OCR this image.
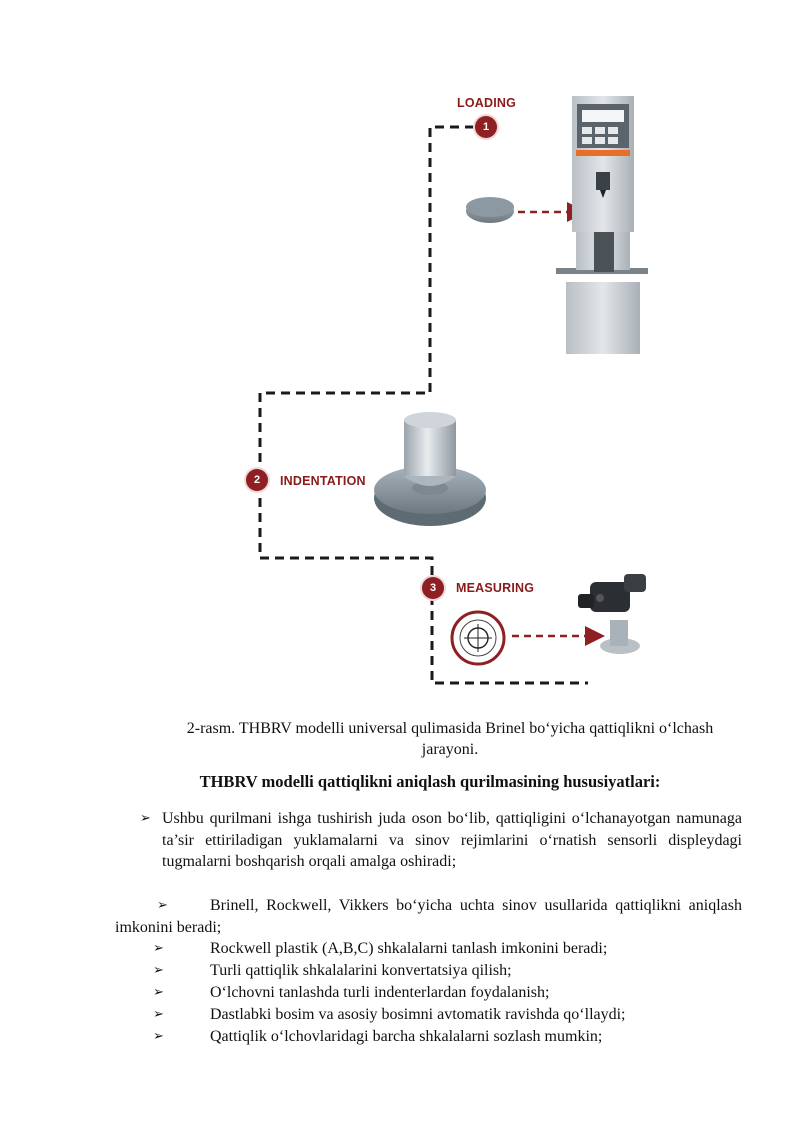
1
LOADING
2	INDENTATION
3	MEASURING
2-rasm. THBRV modelli universal qulimasida Brinel bo‘yicha qattiqlikni o‘lchash jarayoni.
THBRV modelli qattiqlikni aniqlash qurilmasining hususiyatlari:
➢ Ushbu qurilmani ishga tushirish juda oson bo‘lib, qattiqligini o‘lchanayotgan namunaga ta’sir ettiriladigan yuklamalarni va sinov rejimlarini o‘rnatish sensorli displeydagi tugmalarni boshqarish orqali amalga oshiradi;
➢	Brinell, Rockwell, Vikkers bo‘yicha uchta sinov usullarida qattiqlikni aniqlash imkonini beradi;
➢	Rockwell plastik (A,B,C) shkalalarni tanlash imkonini beradi;
➢	Turli qattiqlik shkalalarini konvertatsiya qilish;
➢	O‘lchovni tanlashda turli indenterlardan foydalanish;
➢	Dastlabki bosim va asosiy bosimni avtomatik ravishda qo‘llaydi;
➢	Qattiqlik o‘lchovlaridagi barcha shkalalarni sozlash mumkin;
